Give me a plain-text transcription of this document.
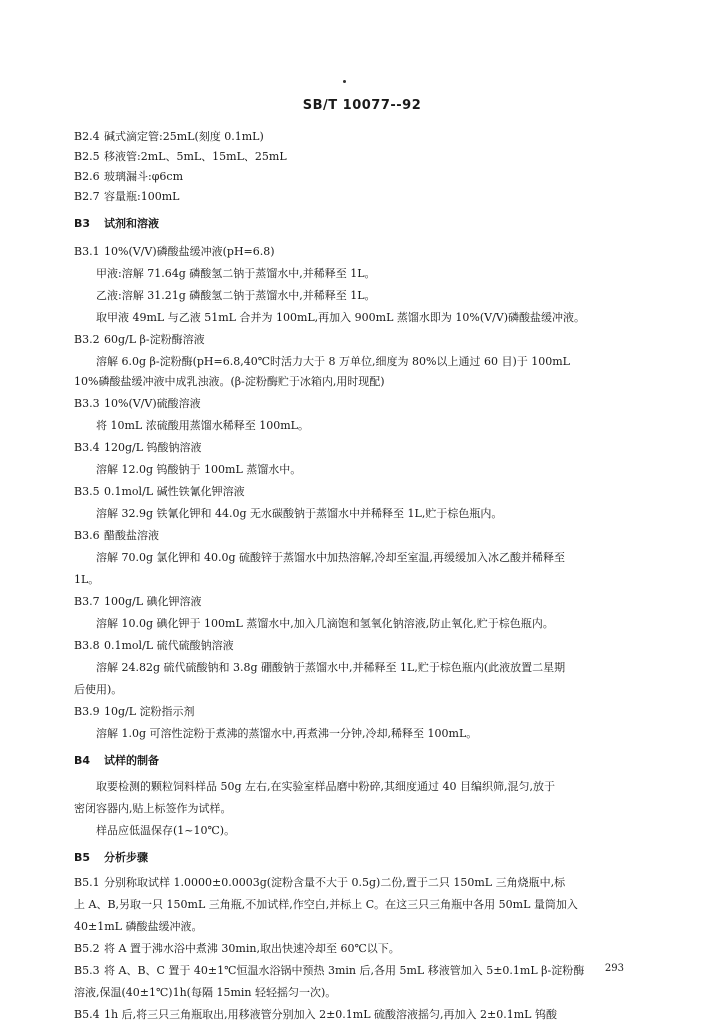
SB/T 10077--92
B2.4 碱式滴定管:25mL(刻度 0.1mL)
B2.5 移液管:2mL、5mL、15mL、25mL
B2.6 玻璃漏斗:φ6cm
B2.7 容量瓶:100mL
B3 试剂和溶液
B3.1 10%(V/V)磷酸盐缓冲液(pH=6.8)
甲液:溶解 71.64g 磷酸氢二钠于蒸馏水中,并稀释至 1L。
乙液:溶解 31.21g 磷酸氢二钠于蒸馏水中,并稀释至 1L。
取甲液 49mL 与乙液 51mL 合并为 100mL,再加入 900mL 蒸馏水即为 10%(V/V)磷酸盐缓冲液。
B3.2 60g/L β-淀粉酶溶液
溶解 6.0g β-淀粉酶(pH=6.8,40℃时活力大于 8 万单位,细度为 80%以上通过 60 目)于 100mL
10%磷酸盐缓冲液中成乳浊液。(β-淀粉酶贮于冰箱内,用时现配)
B3.3 10%(V/V)硫酸溶液
将 10mL 浓硫酸用蒸馏水稀释至 100mL。
B3.4 120g/L 钨酸钠溶液
溶解 12.0g 钨酸钠于 100mL 蒸馏水中。
B3.5 0.1mol/L 碱性铁氰化钾溶液
溶解 32.9g 铁氰化钾和 44.0g 无水碳酸钠于蒸馏水中并稀释至 1L,贮于棕色瓶内。
B3.6 醋酸盐溶液
溶解 70.0g 氯化钾和 40.0g 硫酸锌于蒸馏水中加热溶解,冷却至室温,再缓缓加入冰乙酸并稀释至
1L。
B3.7 100g/L 碘化钾溶液
溶解 10.0g 碘化钾于 100mL 蒸馏水中,加入几滴饱和氢氧化钠溶液,防止氧化,贮于棕色瓶内。
B3.8 0.1mol/L 硫代硫酸钠溶液
溶解 24.82g 硫代硫酸钠和 3.8g 硼酸钠于蒸馏水中,并稀释至 1L,贮于棕色瓶内(此液放置二星期
后使用)。
B3.9 10g/L 淀粉指示剂
溶解 1.0g 可溶性淀粉于煮沸的蒸馏水中,再煮沸一分钟,冷却,稀释至 100mL。
B4 试样的制备
取要检测的颗粒饲料样品 50g 左右,在实验室样品磨中粉碎,其细度通过 40 目编织筛,混匀,放于
密闭容器内,贴上标签作为试样。
样品应低温保存(1~10℃)。
B5 分析步骤
B5.1 分别称取试样 1.0000±0.0003g(淀粉含量不大于 0.5g)二份,置于二只 150mL 三角烧瓶中,标
上 A、B,另取一只 150mL 三角瓶,不加试样,作空白,并标上 C。在这三只三角瓶中各用 50mL 量筒加入
40±1mL 磷酸盐缓冲液。
B5.2 将 A 置于沸水浴中煮沸 30min,取出快速冷却至 60℃以下。
B5.3 将 A、B、C 置于 40±1℃恒温水浴锅中预热 3min 后,各用 5mL 移液管加入 5±0.1mL β-淀粉酶
溶液,保温(40±1℃)1h(每隔 15min 轻轻摇匀一次)。
B5.4 1h 后,将三只三角瓶取出,用移液管分别加入 2±0.1mL 硫酸溶液摇匀,再加入 2±0.1mL 钨酸
293
